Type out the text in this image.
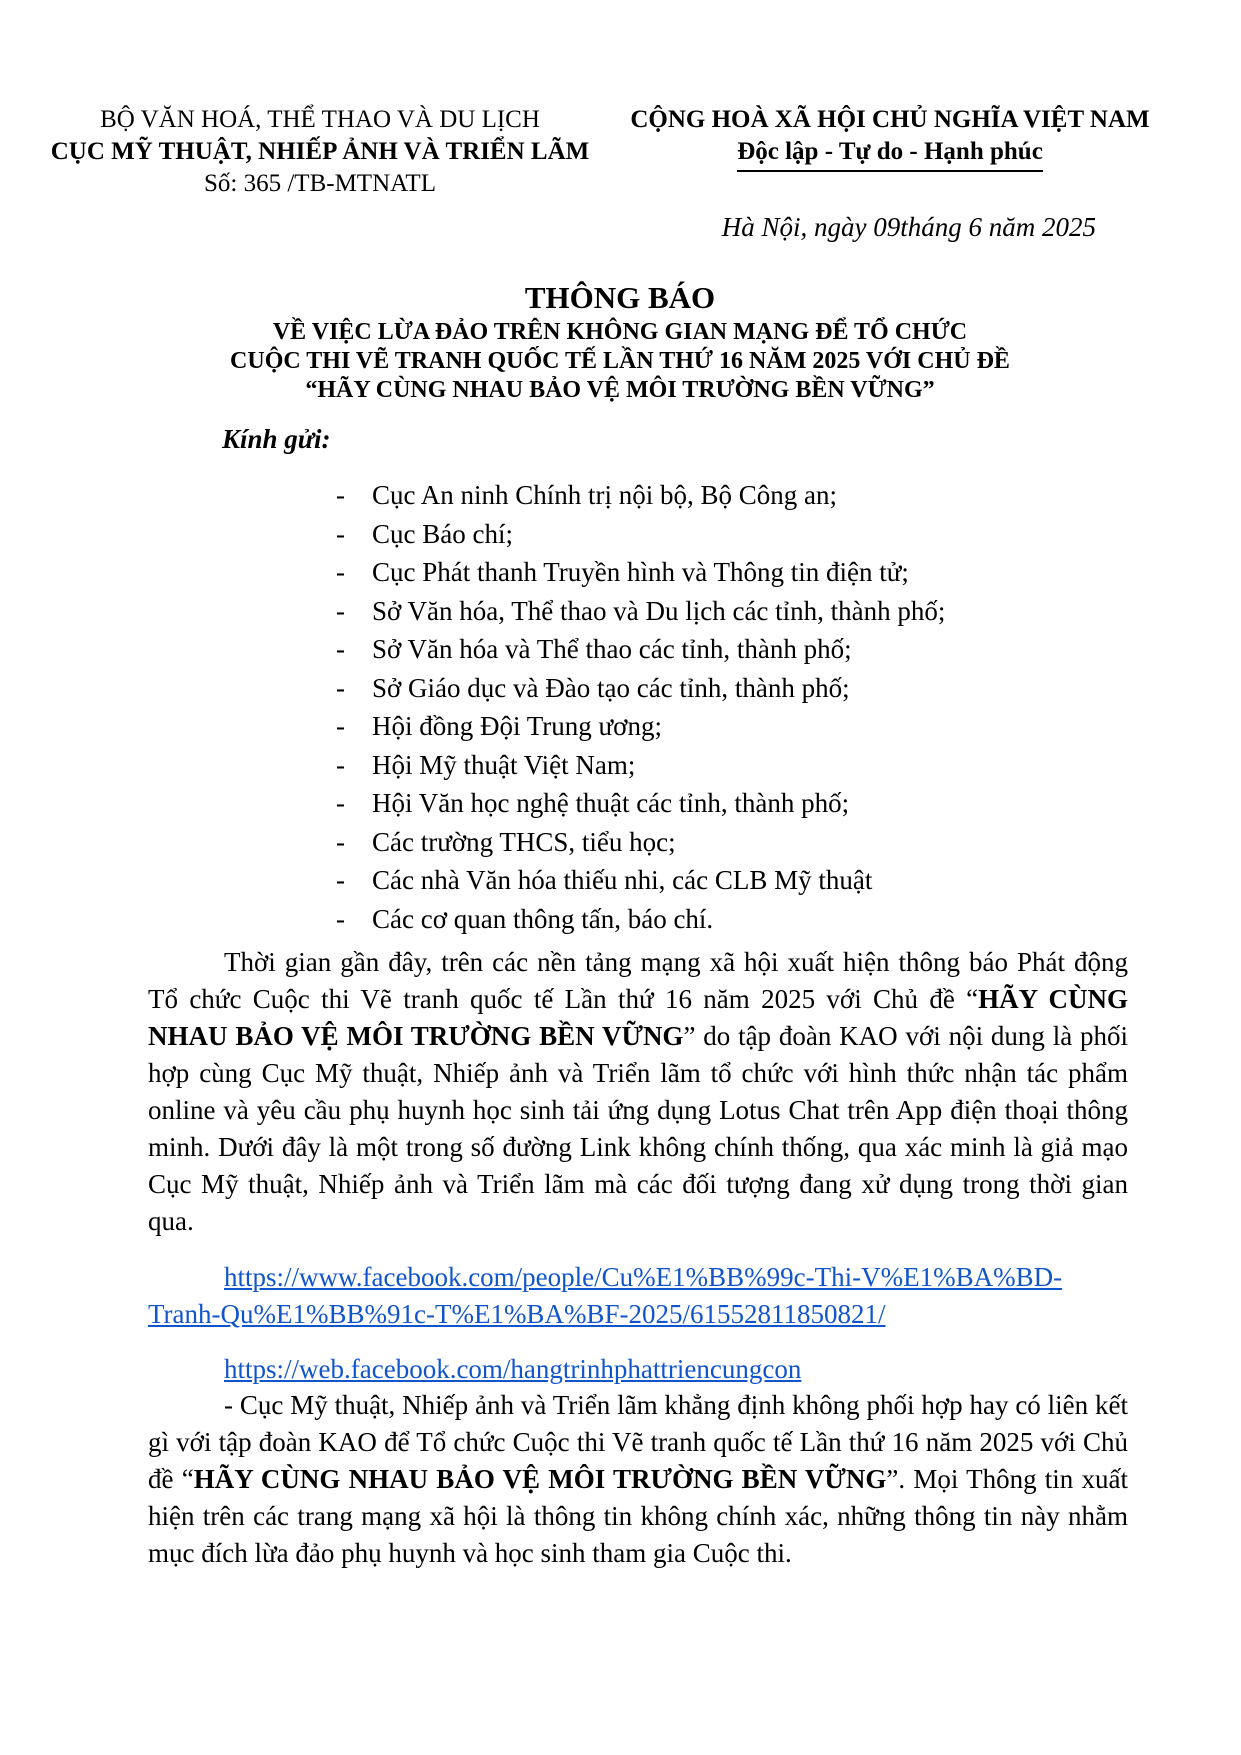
BỘ VĂN HOÁ, THỂ THAO VÀ DU LỊCH
CỤC MỸ THUẬT, NHIẾP ẢNH VÀ TRIỂN LÃM
Số: 365 /TB-MTNATL
CỘNG HOÀ XÃ HỘI CHỦ NGHĨA VIỆT NAM
Độc lập - Tự do - Hạnh phúc
Hà Nội, ngày 09tháng 6 năm 2025
THÔNG BÁO
VỀ VIỆC LỪA ĐẢO TRÊN KHÔNG GIAN MẠNG ĐỂ TỔ CHỨC
CUỘC THI VẼ TRANH QUỐC TẾ LẦN THỨ 16 NĂM 2025 VỚI CHỦ ĐỀ
“HÃY CÙNG NHAU BẢO VỆ MÔI TRƯỜNG BỀN VỮNG”
Kính gửi:
- Cục An ninh Chính trị nội bộ, Bộ Công an;
- Cục Báo chí;
- Cục Phát thanh Truyền hình và Thông tin điện tử;
- Sở Văn hóa, Thể thao và Du lịch các tỉnh, thành phố;
- Sở Văn hóa và Thể thao các tỉnh, thành phố;
- Sở Giáo dục và Đào tạo các tỉnh, thành phố;
- Hội đồng Đội Trung ương;
- Hội Mỹ thuật Việt Nam;
- Hội Văn học nghệ thuật các tỉnh, thành phố;
- Các trường THCS, tiểu học;
- Các nhà Văn hóa thiếu nhi, các CLB Mỹ thuật
- Các cơ quan thông tấn, báo chí.

Thời gian gần đây, trên các nền tảng mạng xã hội xuất hiện thông báo Phát động Tổ chức Cuộc thi Vẽ tranh quốc tế Lần thứ 16 năm 2025 với Chủ đề “HÃY CÙNG NHAU BẢO VỆ MÔI TRƯỜNG BỀN VỮNG” do tập đoàn KAO với nội dung là phối hợp cùng Cục Mỹ thuật, Nhiếp ảnh và Triển lãm tổ chức với hình thức nhận tác phẩm online và yêu cầu phụ huynh học sinh tải ứng dụng Lotus Chat trên App điện thoại thông minh. Dưới đây là một trong số đường Link không chính thống, qua xác minh là giả mạo Cục Mỹ thuật, Nhiếp ảnh và Triển lãm mà các đối tượng đang xử dụng trong thời gian qua.

https://www.facebook.com/people/Cu%E1%BB%99c-Thi-V%E1%BA%BD-Tranh-Qu%E1%BB%91c-T%E1%BA%BF-2025/61552811850821/
https://web.facebook.com/hangtrinhphattriencungcon

- Cục Mỹ thuật, Nhiếp ảnh và Triển lãm khẳng định không phối hợp hay có liên kết gì với tập đoàn KAO để Tổ chức Cuộc thi Vẽ tranh quốc tế Lần thứ 16 năm 2025 với Chủ đề “HÃY CÙNG NHAU BẢO VỆ MÔI TRƯỜNG BỀN VỮNG”. Mọi Thông tin xuất hiện trên các trang mạng xã hội là thông tin không chính xác, những thông tin này nhằm mục đích lừa đảo phụ huynh và học sinh tham gia Cuộc thi.
